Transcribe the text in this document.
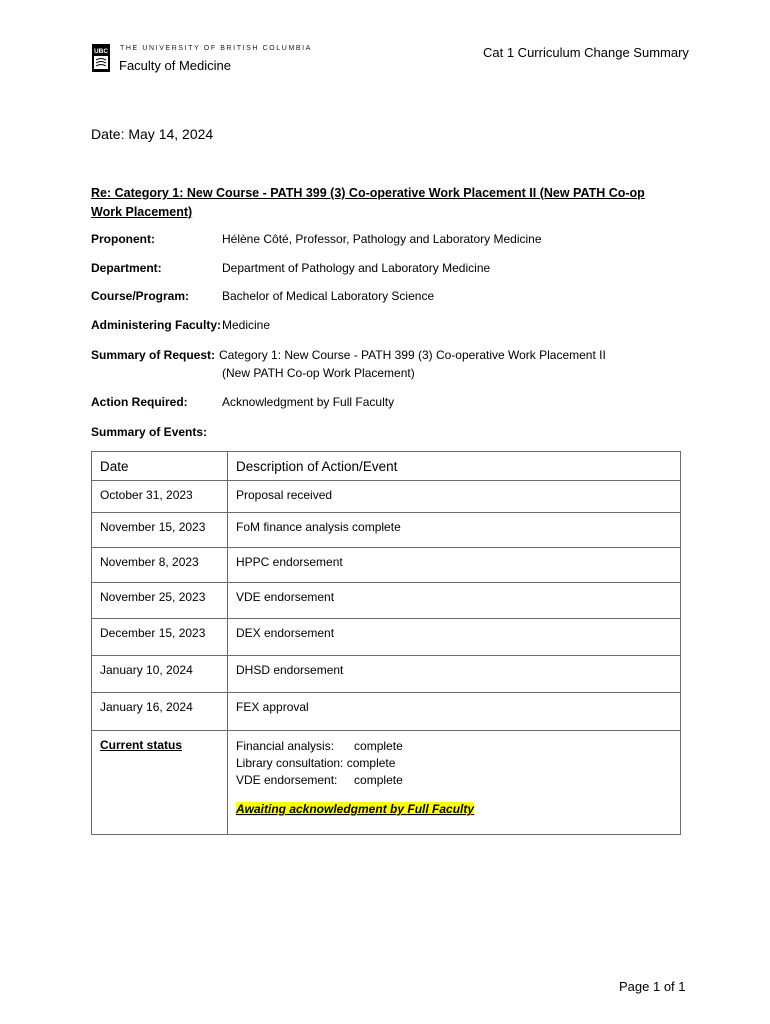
UBC THE UNIVERSITY OF BRITISH COLUMBIA
Faculty of Medicine
Cat 1 Curriculum Change Summary
Date: May 14, 2024
Re: Category 1: New Course - PATH 399 (3) Co-operative Work Placement II (New PATH Co-op Work Placement)
Proponent:	Hélène Côté, Professor, Pathology and Laboratory Medicine
Department:	Department of Pathology and Laboratory Medicine
Course/Program:	Bachelor of Medical Laboratory Science
Administering Faculty: Medicine
Summary of Request: Category 1: New Course - PATH 399 (3) Co-operative Work Placement II
(New PATH Co-op Work Placement)
Action Required:	Acknowledgment by Full Faculty
Summary of Events:
Date	Description of Action/Event
October 31, 2023	Proposal received
November 15, 2023	FoM finance analysis complete
November 8, 2023	HPPC endorsement
November 25, 2023	VDE endorsement
December 15, 2023	DEX endorsement
January 10, 2024	DHSD endorsement
January 16, 2024	FEX approval
Current status	Financial analysis:      complete
Library consultation: complete
VDE endorsement:     complete
Awaiting acknowledgment by Full Faculty
Page 1 of 1
